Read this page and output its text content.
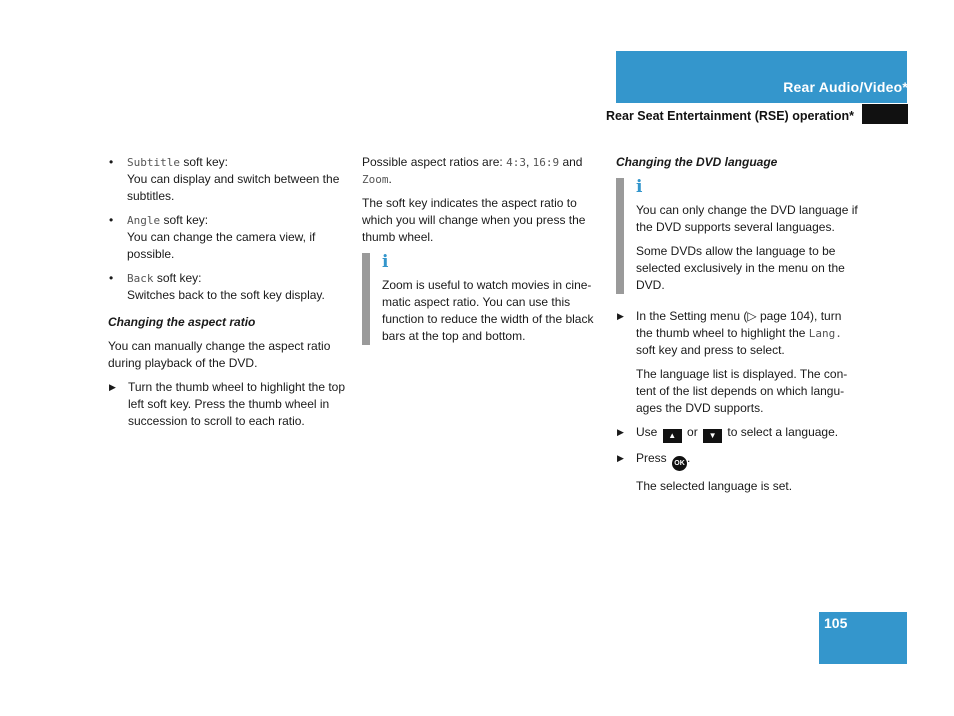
Rear Audio/Video*
Rear Seat Entertainment (RSE) operation*
• Subtitle soft key:
You can display and switch between the subtitles.
• Angle soft key:
You can change the camera view, if possible.
• Back soft key:
Switches back to the soft key display.
Changing the aspect ratio
You can manually change the aspect ratio during playback of the DVD.
▶ Turn the thumb wheel to highlight the top left soft key. Press the thumb wheel in succession to scroll to each ratio.
Possible aspect ratios are: 4:3, 16:9 and
Zoom.
The soft key indicates the aspect ratio to which you will change when you press the thumb wheel.
i
Zoom is useful to watch movies in cine-matic aspect ratio. You can use this function to reduce the width of the black bars at the top and bottom.
Changing the DVD language
i
You can only change the DVD language if the DVD supports several languages.
Some DVDs allow the language to be selected exclusively in the menu on the DVD.
▶ In the Setting menu (▷ page 104), turn the thumb wheel to highlight the Lang. soft key and press to select.
The language list is displayed. The con-tent of the list depends on which langu-ages the DVD supports.
▶ Use ▲ or ▼ to select a language.
▶ Press OK .
The selected language is set.
105
